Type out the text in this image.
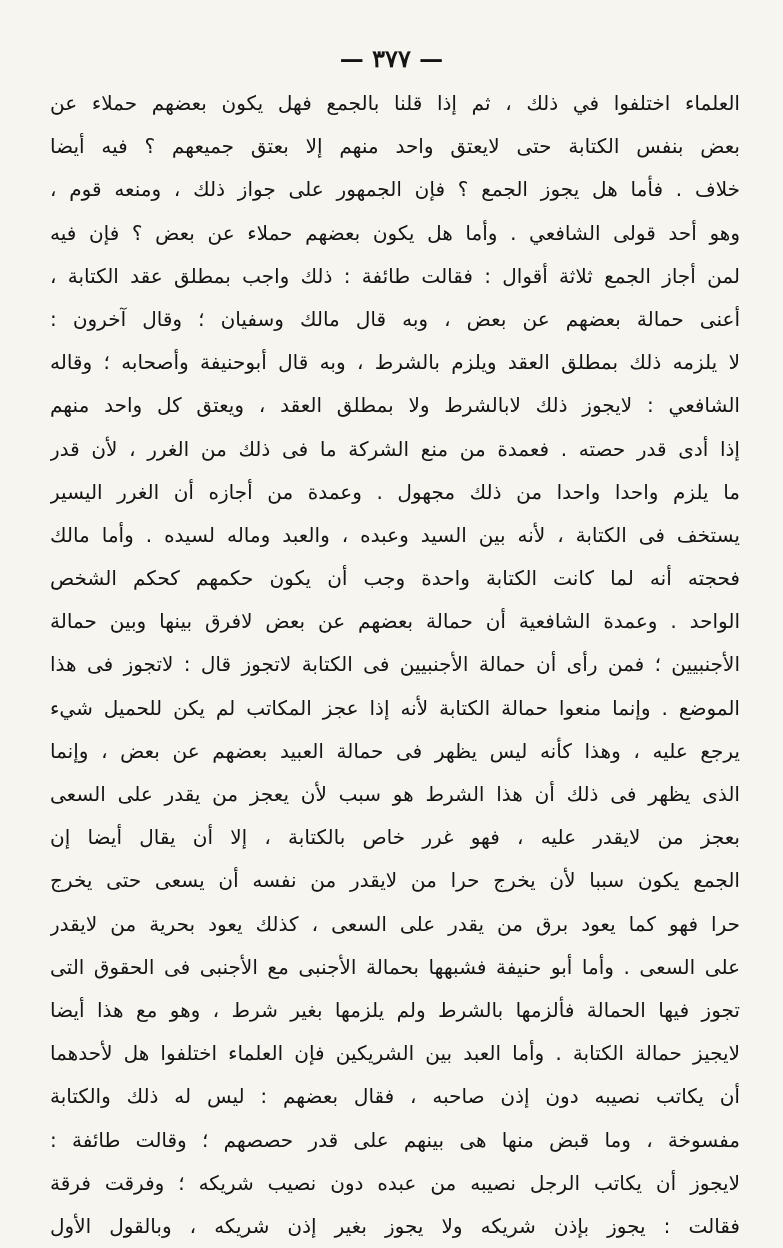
— ٣٧٧ —
العلماء اختلفوا في ذلك ، ثم إذا قلنا بالجمع فهل يكون بعضهم حملاء عن
بعض بنفس الكتابة حتى لايعتق واحد منهم إلا بعتق جميعهم ؟ فيه أيضا
خلاف . فأما هل يجوز الجمع ؟ فإن الجمهور على جواز ذلك ، ومنعه قوم ،
وهو أحد قولى الشافعي . وأما هل يكون بعضهم حملاء عن بعض ؟ فإن فيه
لمن أجاز الجمع ثلاثة أقوال : فقالت طائفة : ذلك واجب بمطلق عقد الكتابة ،
أعنى حمالة بعضهم عن بعض ، وبه قال مالك وسفيان ؛ وقال آخرون :
لا يلزمه ذلك بمطلق العقد ويلزم بالشرط ، وبه قال أبوحنيفة وأصحابه ؛ وقاله
الشافعي : لايجوز ذلك لابالشرط ولا بمطلق العقد ، ويعتق كل واحد منهم
إذا أدى قدر حصته . فعمدة من منع الشركة ما فى ذلك من الغرر ، لأن قدر
ما يلزم واحدا واحدا من ذلك مجهول . وعمدة من أجازه أن الغرر اليسير
يستخف فى الكتابة ، لأنه بين السيد وعبده ، والعبد وماله لسيده . وأما مالك
فحجته أنه لما كانت الكتابة واحدة وجب أن يكون حكمهم كحكم الشخص
الواحد . وعمدة الشافعية أن حمالة بعضهم عن بعض لافرق بينها وبين حمالة
الأجنبيين ؛ فمن رأى أن حمالة الأجنبيين فى الكتابة لاتجوز قال : لاتجوز فى هذا
الموضع . وإنما منعوا حمالة الكتابة لأنه إذا عجز المكاتب لم يكن للحميل شيء
يرجع عليه ، وهذا كأنه ليس يظهر فى حمالة العبيد بعضهم عن بعض ، وإنما
الذى يظهر فى ذلك أن هذا الشرط هو سبب لأن يعجز من يقدر على السعى
بعجز من لايقدر عليه ، فهو غرر خاص بالكتابة ، إلا أن يقال أيضا إن
الجمع يكون سببا لأن يخرج حرا من لايقدر من نفسه أن يسعى حتى يخرج
حرا فهو كما يعود برق من يقدر على السعى ، كذلك يعود بحرية من لايقدر
على السعى . وأما أبو حنيفة فشبهها بحمالة الأجنبى مع الأجنبى فى الحقوق التى
تجوز فيها الحمالة فألزمها بالشرط ولم يلزمها بغير شرط ، وهو مع هذا أيضا
لايجيز حمالة الكتابة . وأما العبد بين الشريكين فإن العلماء اختلفوا هل لأحدهما
أن يكاتب نصيبه دون إذن صاحبه ، فقال بعضهم : ليس له ذلك والكتابة
مفسوخة ، وما قبض منها هى بينهم على قدر حصصهم ؛ وقالت طائفة :
لايجوز أن يكاتب الرجل نصيبه من عبده دون نصيب شريكه ؛ وفرقت فرقة
فقالت : يجوز بإذن شريكه ولا يجوز بغير إذن شريكه ، وبالقول الأول
